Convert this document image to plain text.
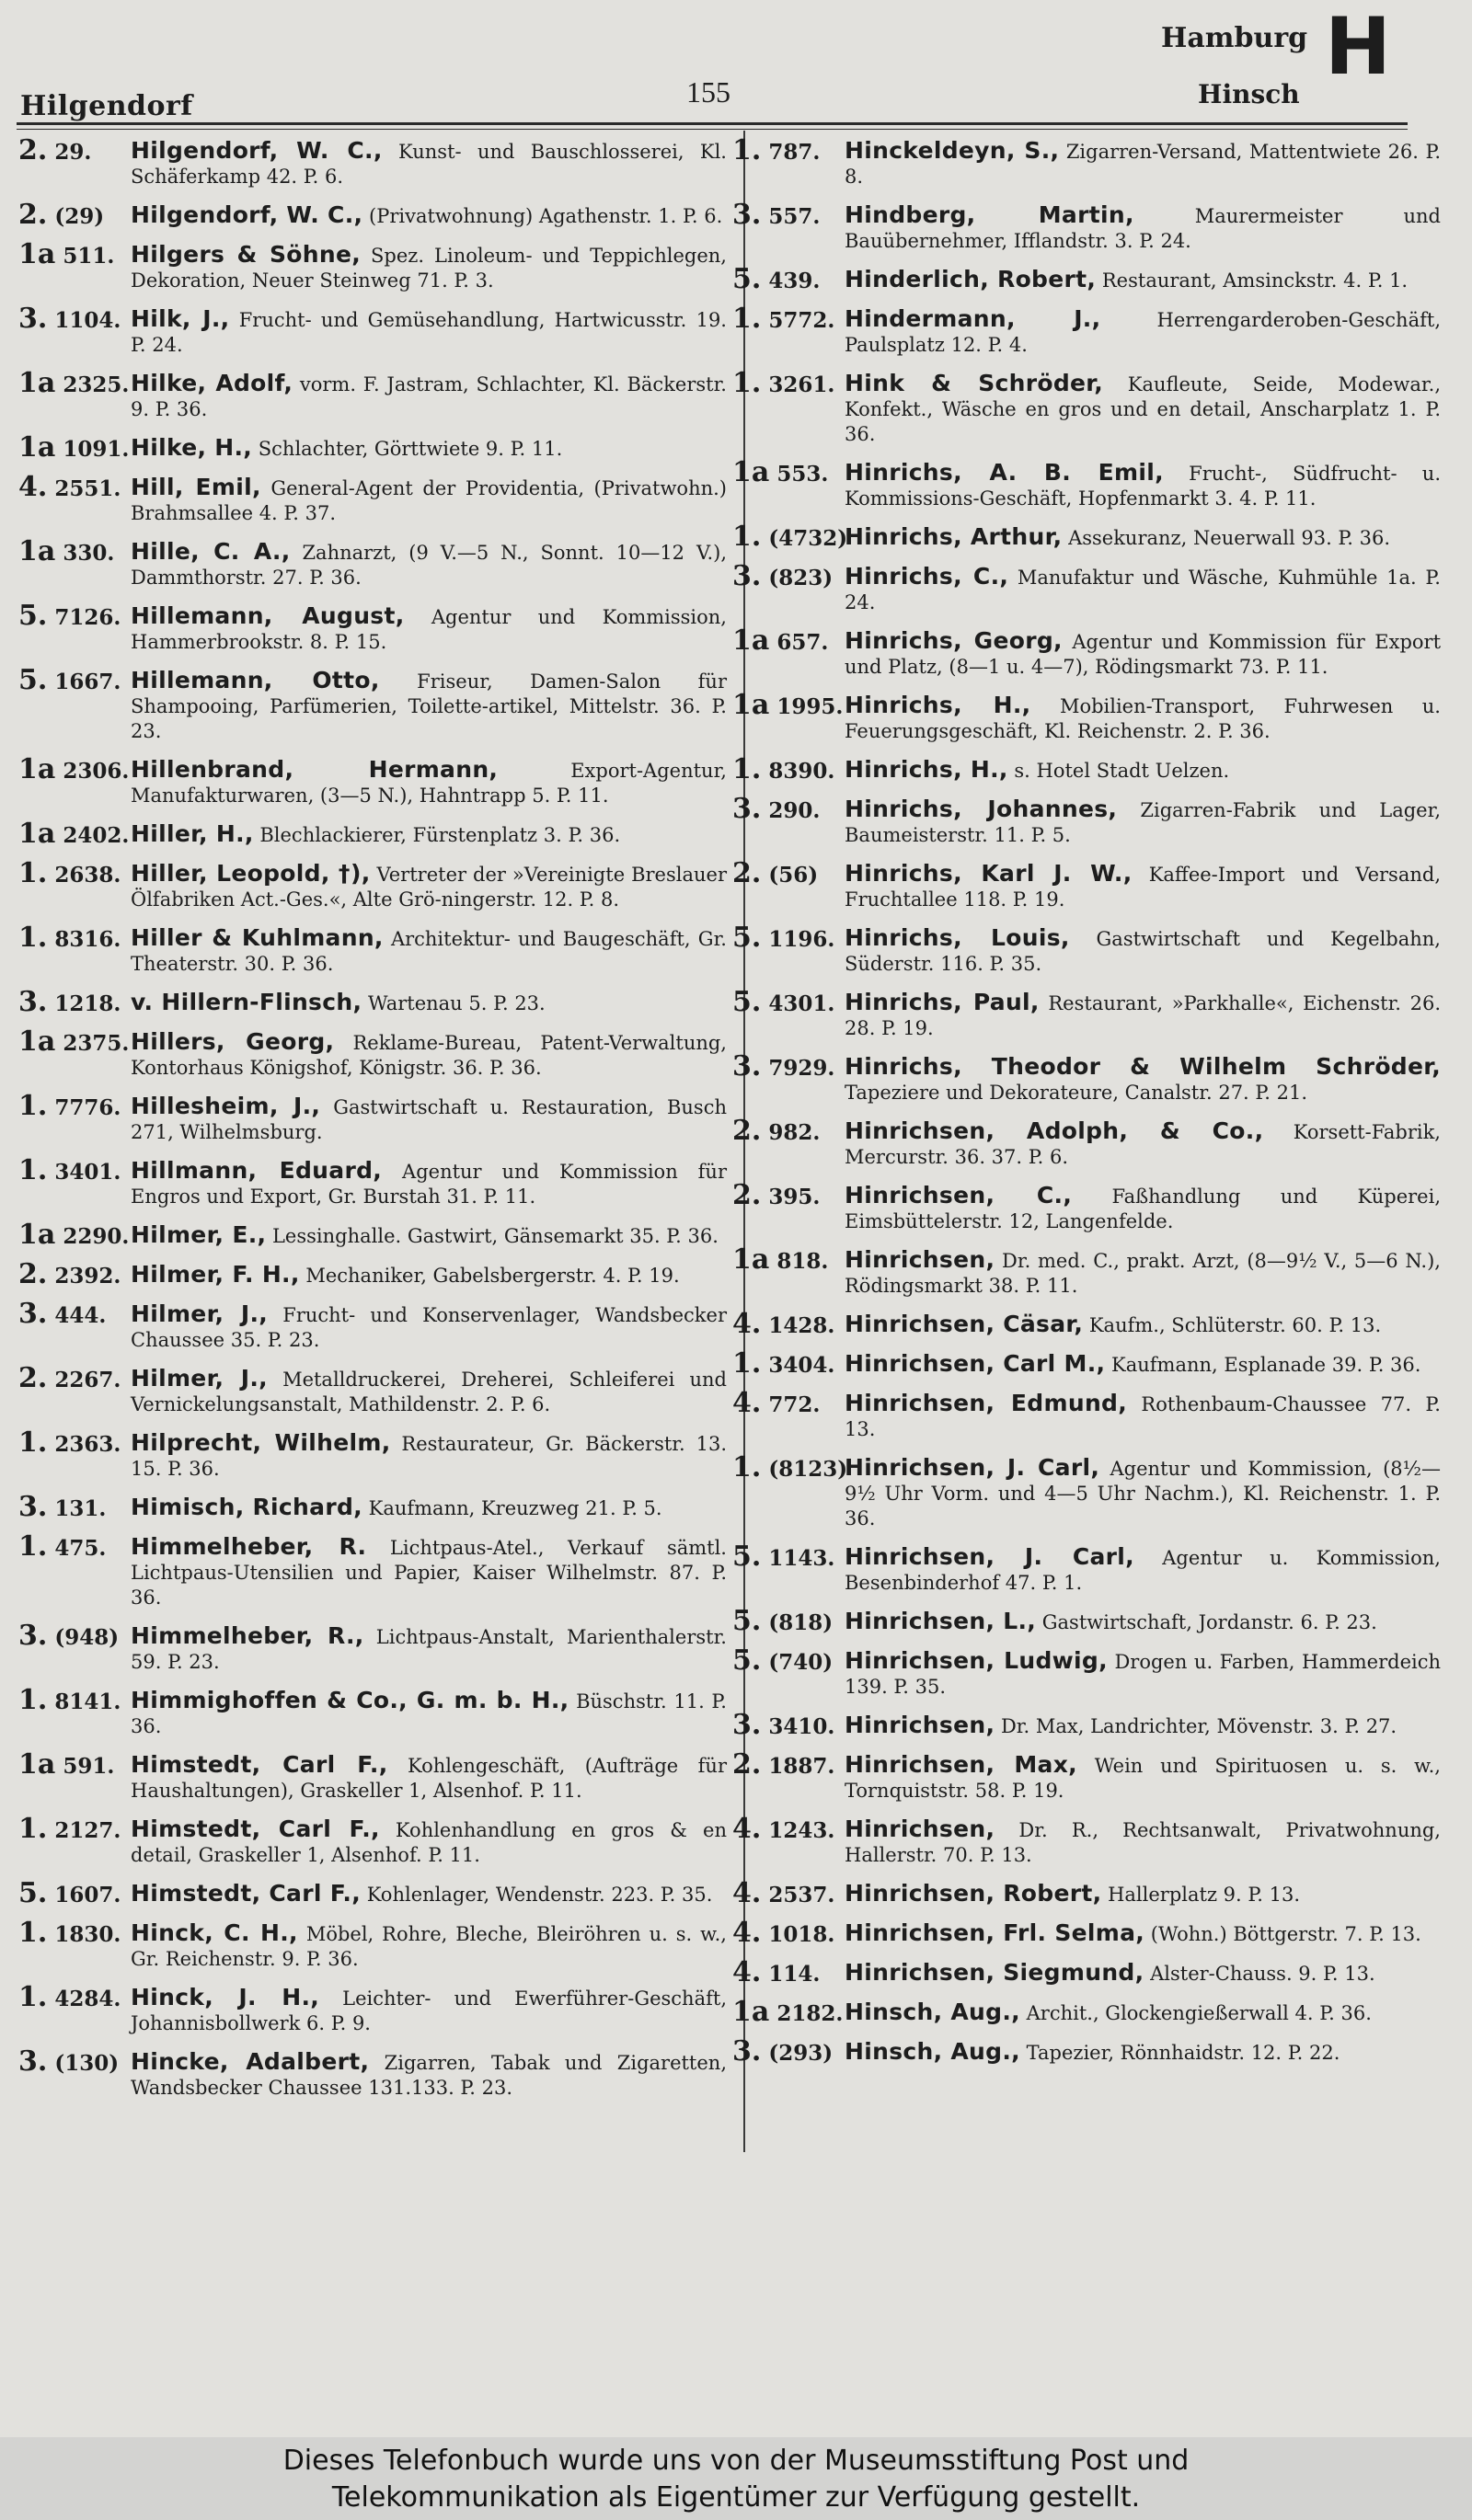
Hilgendorf	155
Hamburg
Hinsch
H
2. 29.	Hilgendorf, W. C., Kunst- und Bauschlosserei, Kl. Schäferkamp 42. P. 6.
2. (29)	Hilgendorf, W. C., (Privatwohnung) Agathenstr. 1. P. 6.
1a 511. Hilgers & Söhne, Spez. Linoleum- und Teppichlegen, Dekoration, Neuer Steinweg 71. P. 3.
3. 1104. Hilk, J., Frucht- und Gemüsehandlung, Hartwicusstr. 19. P. 24.
1a 2325. Hilke, Adolf, vorm. F. Jastram, Schlachter, Kl. Bäckerstr. 9. P. 36.
1a 1091. Hilke, H., Schlachter, Görttwiete 9. P. 11.
4. 2551. Hill, Emil, General-Agent der Providentia, (Privatwohn.) Brahmsallee 4. P. 37.
1a 330. Hille, C. A., Zahnarzt, (9 V.—5 N., Sonnt. 10—12 V.), Dammthorstr. 27. P. 36.
5. 7126. Hillemann, August, Agentur und Kommission, Hammerbrookstr. 8. P. 15.
5. 1667. Hillemann, Otto, Friseur, Damen-Salon für Shampooing, Parfümerien, Toilette-artikel, Mittelstr. 36. P. 23.
1a 2306. Hillenbrand, Hermann,	Export-Agentur, Manufakturwaren, (3—5 N.), Hahntrapp 5. P. 11.
1a 2402. Hiller, H., Blechlackierer, Fürstenplatz 3. P. 36.
1. 2638. Hiller, Leopold, †), Vertreter der »Vereinigte Breslauer Ölfabriken Act.-Ges.«, Alte Grö-ningerstr. 12. P. 8.
1. 8316. Hiller & Kuhlmann, Architektur- und Baugeschäft, Gr. Theaterstr. 30. P. 36.
3. 1218. v. Hillern-Flinsch, Wartenau 5. P. 23.
1a 2375. Hillers, Georg, Reklame-Bureau, Patent-Verwaltung, Kontorhaus Königshof, Königstr. 36. P. 36.
1. 7776. Hillesheim, J., Gastwirtschaft u. Restauration, Busch 271, Wilhelmsburg.
1. 3401. Hillmann, Eduard, Agentur und Kommission für Engros und Export, Gr. Burstah 31. P. 11.
1a 2290. Hilmer, E., Lessinghalle. Gastwirt, Gänsemarkt 35. P. 36.
2. 2392. Hilmer, F. H., Mechaniker, Gabelsbergerstr. 4. P. 19.
3. 444.	Hilmer, J., Frucht- und Konservenlager, Wandsbecker Chaussee 35. P. 23.
2. 2267. Hilmer, J., Metalldruckerei, Dreherei, Schleiferei und Vernickelungsanstalt, Mathildenstr. 2. P. 6.
1. 2363. Hilprecht, Wilhelm, Restaurateur, Gr. Bäckerstr. 13. 15. P. 36.
3. 131.	Himisch, Richard, Kaufmann, Kreuzweg 21. P. 5.
1. 475.	Himmelheber, R. Lichtpaus-Atel., Verkauf sämtl. Lichtpaus-Utensilien und Papier, Kaiser Wilhelmstr. 87. P. 36.
3. (948) Himmelheber, R., Lichtpaus-Anstalt, Marienthalerstr. 59. P. 23.
1. 8141. Himmighoffen & Co., G. m. b. H., Büschstr. 11. P. 36.
1a 591. Himstedt, Carl F., Kohlengeschäft, (Aufträge für Haushaltungen), Graskeller 1, Alsenhof. P. 11.
1. 2127. Himstedt, Carl F., Kohlenhandlung en gros & en detail, Graskeller 1, Alsenhof. P. 11.
5. 1607. Himstedt, Carl F., Kohlenlager, Wendenstr. 223. P. 35.
1. 1830. Hinck, C. H., Möbel, Rohre, Bleche, Bleiröhren u. s. w., Gr. Reichenstr. 9. P. 36.
1. 4284. Hinck, J. H., Leichter- und Ewerführer-Geschäft, Johannisbollwerk 6. P. 9.
3. (130) Hincke, Adalbert, Zigarren, Tabak und Zigaretten, Wandsbecker Chaussee 131.133. P. 23.
1. 787.	Hinckeldeyn, S., Zigarren-Versand, Mattentwiete 26. P. 8.
3. 557.	Hindberg, Martin,	Maurermeister und Bauübernehmer, Ifflandstr. 3. P. 24.
5. 439.	Hinderlich, Robert, Restaurant, Amsinckstr. 4. P. 1.
1. 5772. Hindermann, J.,	Herrengarderoben-Geschäft, Paulsplatz 12. P. 4.
1. 3261. Hink & Schröder, Kaufleute, Seide, Modewar., Konfekt., Wäsche en gros und en detail, Anscharplatz 1. P. 36.
1a 553. Hinrichs, A. B. Emil, Frucht-, Südfrucht- u. Kommissions-Geschäft, Hopfenmarkt 3. 4. P. 11.
1. (4732)
Hinrichs, Arthur, Assekuranz, Neuerwall 93. P. 36.
3. (823) Hinrichs, C., Manufaktur und Wäsche, Kuhmühle 1a. P. 24.
1a 657. Hinrichs, Georg, Agentur und Kommission für Export und Platz, (8—1 u. 4—7), Rödingsmarkt 73. P. 11.
1a 1995. Hinrichs, H., Mobilien-Transport, Fuhrwesen u. Feuerungsgeschäft, Kl. Reichenstr. 2. P. 36.
1. 8390. Hinrichs, H., s. Hotel Stadt Uelzen.
3. 290.	Hinrichs, Johannes, Zigarren-Fabrik und Lager, Baumeisterstr. 11. P. 5.
2. (56)	Hinrichs, Karl J. W., Kaffee-Import und Versand, Fruchtallee 118. P. 19.
5. 1196. Hinrichs, Louis, Gastwirtschaft und Kegelbahn, Süderstr. 116. P. 35.
5. 4301. Hinrichs, Paul, Restaurant, »Parkhalle«, Eichenstr. 26. 28. P. 19.
3. 7929. Hinrichs, Theodor & Wilhelm Schröder, Tapeziere und Dekorateure, Canalstr. 27. P. 21.
2. 982.	Hinrichsen, Adolph, & Co., Korsett-Fabrik, Mercurstr. 36. 37. P. 6.
2. 395.	Hinrichsen, C., Faßhandlung und Küperei, Eimsbüttelerstr. 12, Langenfelde.
1a 818. Hinrichsen, Dr. med. C., prakt. Arzt, (8—9½ V., 5—6 N.), Rödingsmarkt 38. P. 11.
4. 1428. Hinrichsen, Cäsar, Kaufm., Schlüterstr. 60. P. 13.
1. 3404. Hinrichsen, Carl M., Kaufmann, Esplanade 39. P. 36.
4. 772.	Hinrichsen, Edmund, Rothenbaum-Chaussee 77. P. 13.
1. (8123)
Hinrichsen, J. Carl, Agentur und Kommission, (8½—9½ Uhr Vorm. und 4—5 Uhr Nachm.), Kl. Reichenstr. 1. P. 36.
5. 1143. Hinrichsen, J. Carl, Agentur u. Kommission, Besenbinderhof 47. P. 1.
5. (818) Hinrichsen, L., Gastwirtschaft, Jordanstr. 6. P. 23.
5. (740) Hinrichsen, Ludwig, Drogen u. Farben, Hammerdeich 139. P. 35.
3. 3410. Hinrichsen, Dr. Max, Landrichter, Mövenstr. 3. P. 27.
2. 1887. Hinrichsen, Max, Wein und Spirituosen u. s. w., Tornquiststr. 58. P. 19.
4. 1243. Hinrichsen, Dr. R., Rechtsanwalt, Privatwohnung, Hallerstr. 70. P. 13.
4. 2537. Hinrichsen, Robert, Hallerplatz 9. P. 13.
4. 1018. Hinrichsen, Frl. Selma, (Wohn.) Böttgerstr. 7. P. 13.
4. 114.	Hinrichsen, Siegmund, Alster-Chauss. 9. P. 13.
1a 2182. Hinsch, Aug., Archit., Glockengießerwall 4. P. 36.
3. (293) Hinsch, Aug., Tapezier, Rönnhaidstr. 12. P. 22.
Dieses Telefonbuch wurde uns von der Museumsstiftung Post und
Telekommunikation als Eigentümer zur Verfügung gestellt.
